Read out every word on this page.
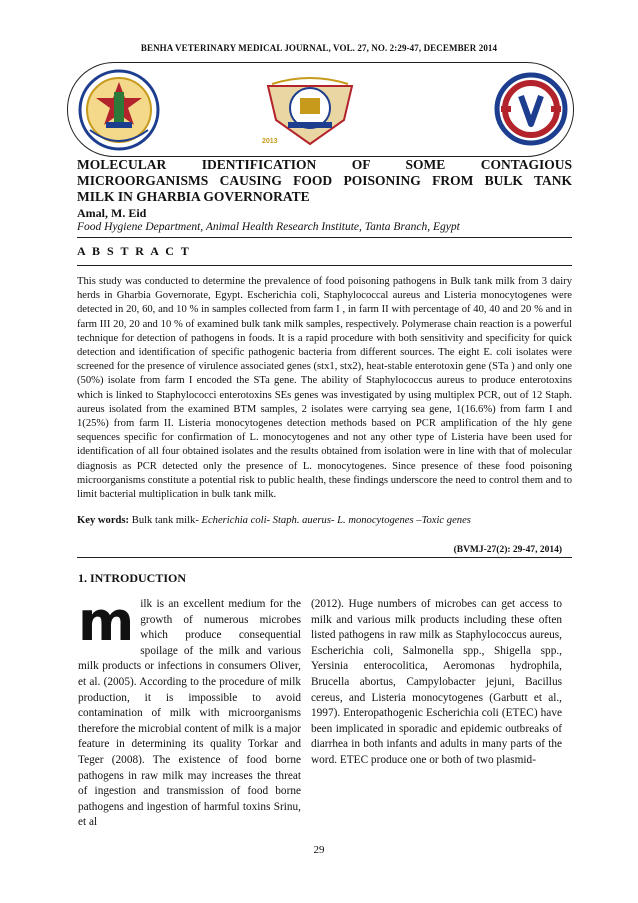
BENHA VETERINARY MEDICAL JOURNAL, VOL. 27, NO. 2:29-47, DECEMBER 2014
2013
MOLECULAR IDENTIFICATION OF SOME CONTAGIOUS
MICROORGANISMS CAUSING FOOD POISONING FROM BULK TANK
MILK IN GHARBIA GOVERNORATE
Amal, M. Eid
Food Hygiene Department, Animal Health Research Institute, Tanta Branch, Egypt
A B S T R A C T

This study was conducted to determine the prevalence of food poisoning pathogens in Bulk tank milk from 3 dairy herds in Gharbia Governorate, Egypt. Escherichia coli, Staphylococcal aureus and Listeria monocytogenes were detected in 20, 60, and 10 % in samples collected from farm I , in farm II with percentage of 40, 40 and 20 % and in farm III 20, 20 and 10 % of examined bulk tank milk samples, respectively. Polymerase chain reaction is a powerful technique for detection of pathogens in foods. It is a rapid procedure with both sensitivity and specificity for quick detection and identification of specific pathogenic bacteria from different sources. The eight E. coli isolates were screened for the presence of virulence associated genes (stx1, stx2), heat-stable enterotoxin gene (STa ) and only one (50%) isolate from farm I encoded the STa gene. The ability of Staphylococcus aureus to produce enterotoxins which is linked to Staphylococci enterotoxins SEs genes was investigated by using multiplex PCR, out of 12 Staph. aureus isolated from the examined BTM samples, 2 isolates were carrying sea gene, 1(16.6%) from farm I and 1(25%) from farm II. Listeria monocytogenes detection methods based on PCR amplification of the hly gene sequences specific for confirmation of L. monocytogenes and not any other type of Listeria have been used for identification of all four obtained isolates and the results obtained from isolation were in line with that of molecular diagnosis as PCR detected only the presence of L. monocytogenes. Since presence of these food poisoning microorganisms constitute a potential risk to public health, these findings underscore the need to control them and to limit bacterial multiplication in bulk tank milk.

Key words: Bulk tank milk- Echerichia coli- Staph. auerus- L. monocytogenes –Toxic genes
(BVMJ-27(2): 29-47, 2014)
1. INTRODUCTION
milk is an excellent medium for the growth of numerous microbes which produce consequential spoilage of the milk and various milk products or infections in consumers Oliver, et al. (2005). According to the procedure of milk production, it is impossible to avoid contamination of milk with microorganisms therefore the microbial content of milk is a major feature in determining its quality Torkar and Teger (2008). The existence of food borne pathogens in raw milk may increases the threat of ingestion and transmission of food borne pathogens and ingestion of harmful toxins Srinu, et al
(2012). Huge numbers of microbes can get access to milk and various milk products including these often listed pathogens in raw milk as Staphylococcus aureus, Escherichia coli, Salmonella spp., Shigella spp., Yersinia enterocolitica, Aeromonas hydrophila, Brucella abortus, Campylobacter jejuni, Bacillus cereus, and Listeria monocytogenes (Garbutt et al., 1997). Enteropathogenic Escherichia coli (ETEC) have been implicated in sporadic and epidemic outbreaks of diarrhea in both infants and adults in many parts of the word. ETEC produce one or both of two plasmid-
29
